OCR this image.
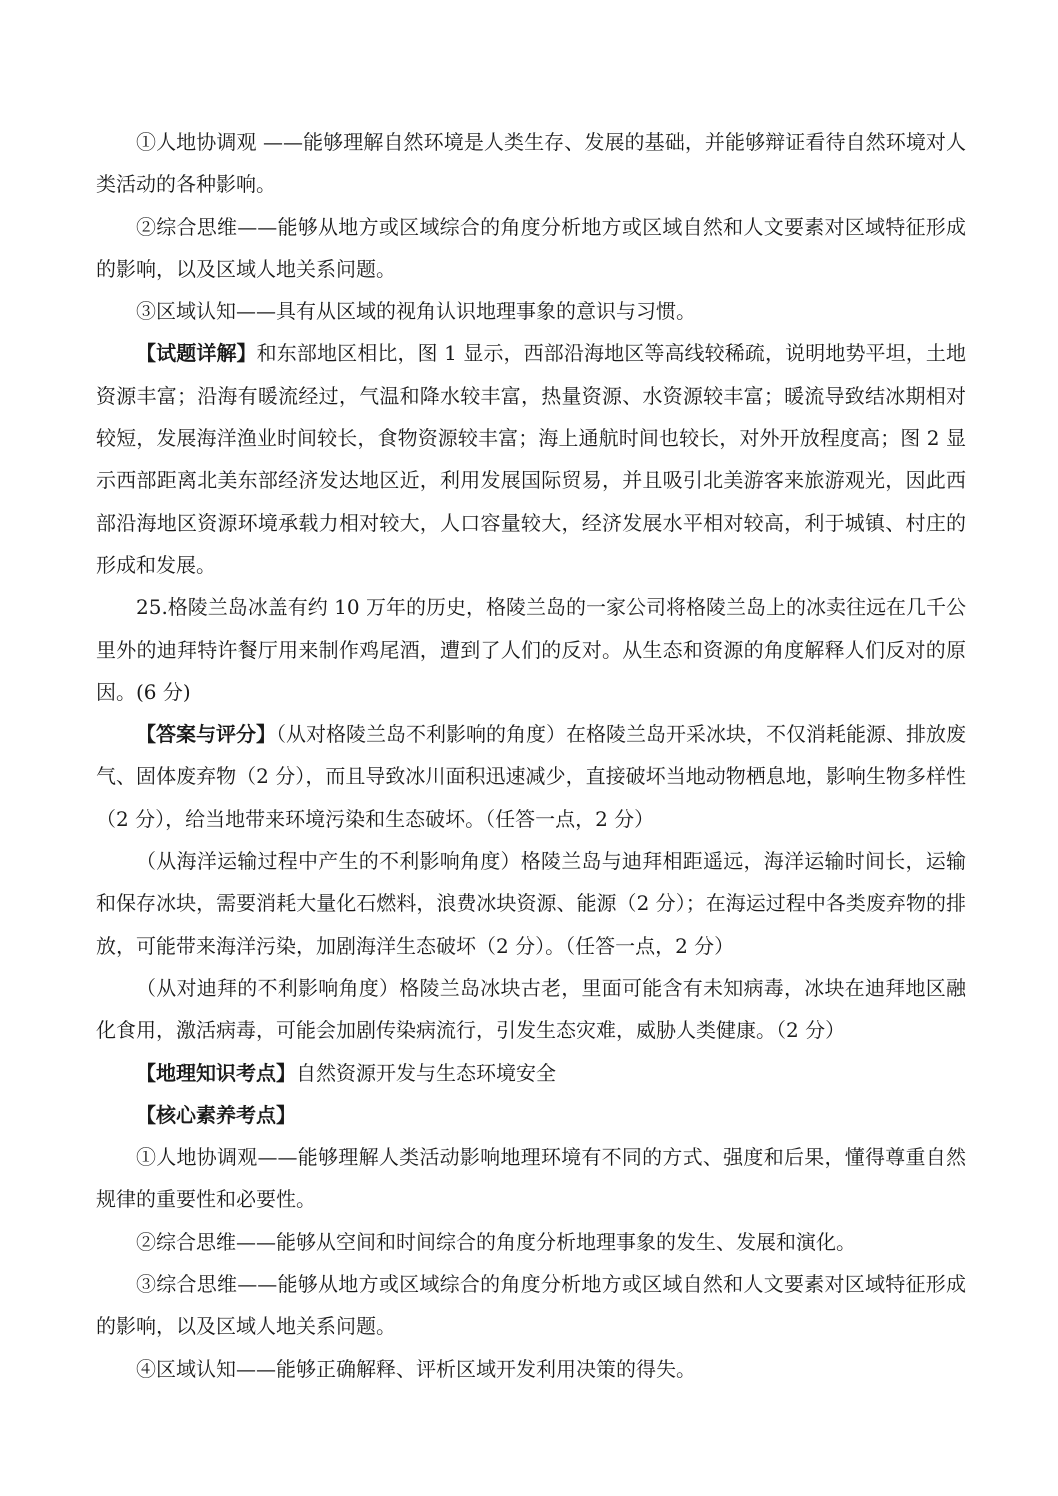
①人地协调观 ——能够理解自然环境是人类生存、发展的基础，并能够辩证看待自然环境对人类活动的各种影响。

②综合思维——能够从地方或区域综合的角度分析地方或区域自然和人文要素对区域特征形成的影响，以及区域人地关系问题。

③区域认知——具有从区域的视角认识地理事象的意识与习惯。

【试题详解】和东部地区相比，图 1 显示，西部沿海地区等高线较稀疏，说明地势平坦，土地资源丰富；沿海有暖流经过，气温和降水较丰富，热量资源、水资源较丰富；暖流导致结冰期相对较短，发展海洋渔业时间较长，食物资源较丰富；海上通航时间也较长，对外开放程度高；图 2 显示西部距离北美东部经济发达地区近，利用发展国际贸易，并且吸引北美游客来旅游观光，因此西部沿海地区资源环境承载力相对较大，人口容量较大，经济发展水平相对较高，利于城镇、村庄的形成和发展。

25.格陵兰岛冰盖有约 10 万年的历史，格陵兰岛的一家公司将格陵兰岛上的冰卖往远在几千公里外的迪拜特许餐厅用来制作鸡尾酒，遭到了人们的反对。从生态和资源的角度解释人们反对的原因。(6 分)

【答案与评分】（从对格陵兰岛不利影响的角度）在格陵兰岛开采冰块，不仅消耗能源、排放废气、固体废弃物（2 分），而且导致冰川面积迅速减少，直接破坏当地动物栖息地，影响生物多样性（2 分），给当地带来环境污染和生态破坏。（任答一点，2 分）

（从海洋运输过程中产生的不利影响角度）格陵兰岛与迪拜相距遥远，海洋运输时间长，运输和保存冰块，需要消耗大量化石燃料，浪费冰块资源、能源（2 分）；在海运过程中各类废弃物的排放，可能带来海洋污染，加剧海洋生态破坏（2 分）。（任答一点，2 分）

（从对迪拜的不利影响角度）格陵兰岛冰块古老，里面可能含有未知病毒，冰块在迪拜地区融化食用，激活病毒，可能会加剧传染病流行，引发生态灾难，威胁人类健康。（2 分）

【地理知识考点】自然资源开发与生态环境安全

【核心素养考点】

①人地协调观——能够理解人类活动影响地理环境有不同的方式、强度和后果，懂得尊重自然规律的重要性和必要性。

②综合思维——能够从空间和时间综合的角度分析地理事象的发生、发展和演化。

③综合思维——能够从地方或区域综合的角度分析地方或区域自然和人文要素对区域特征形成的影响，以及区域人地关系问题。

④区域认知——能够正确解释、评析区域开发利用决策的得失。
